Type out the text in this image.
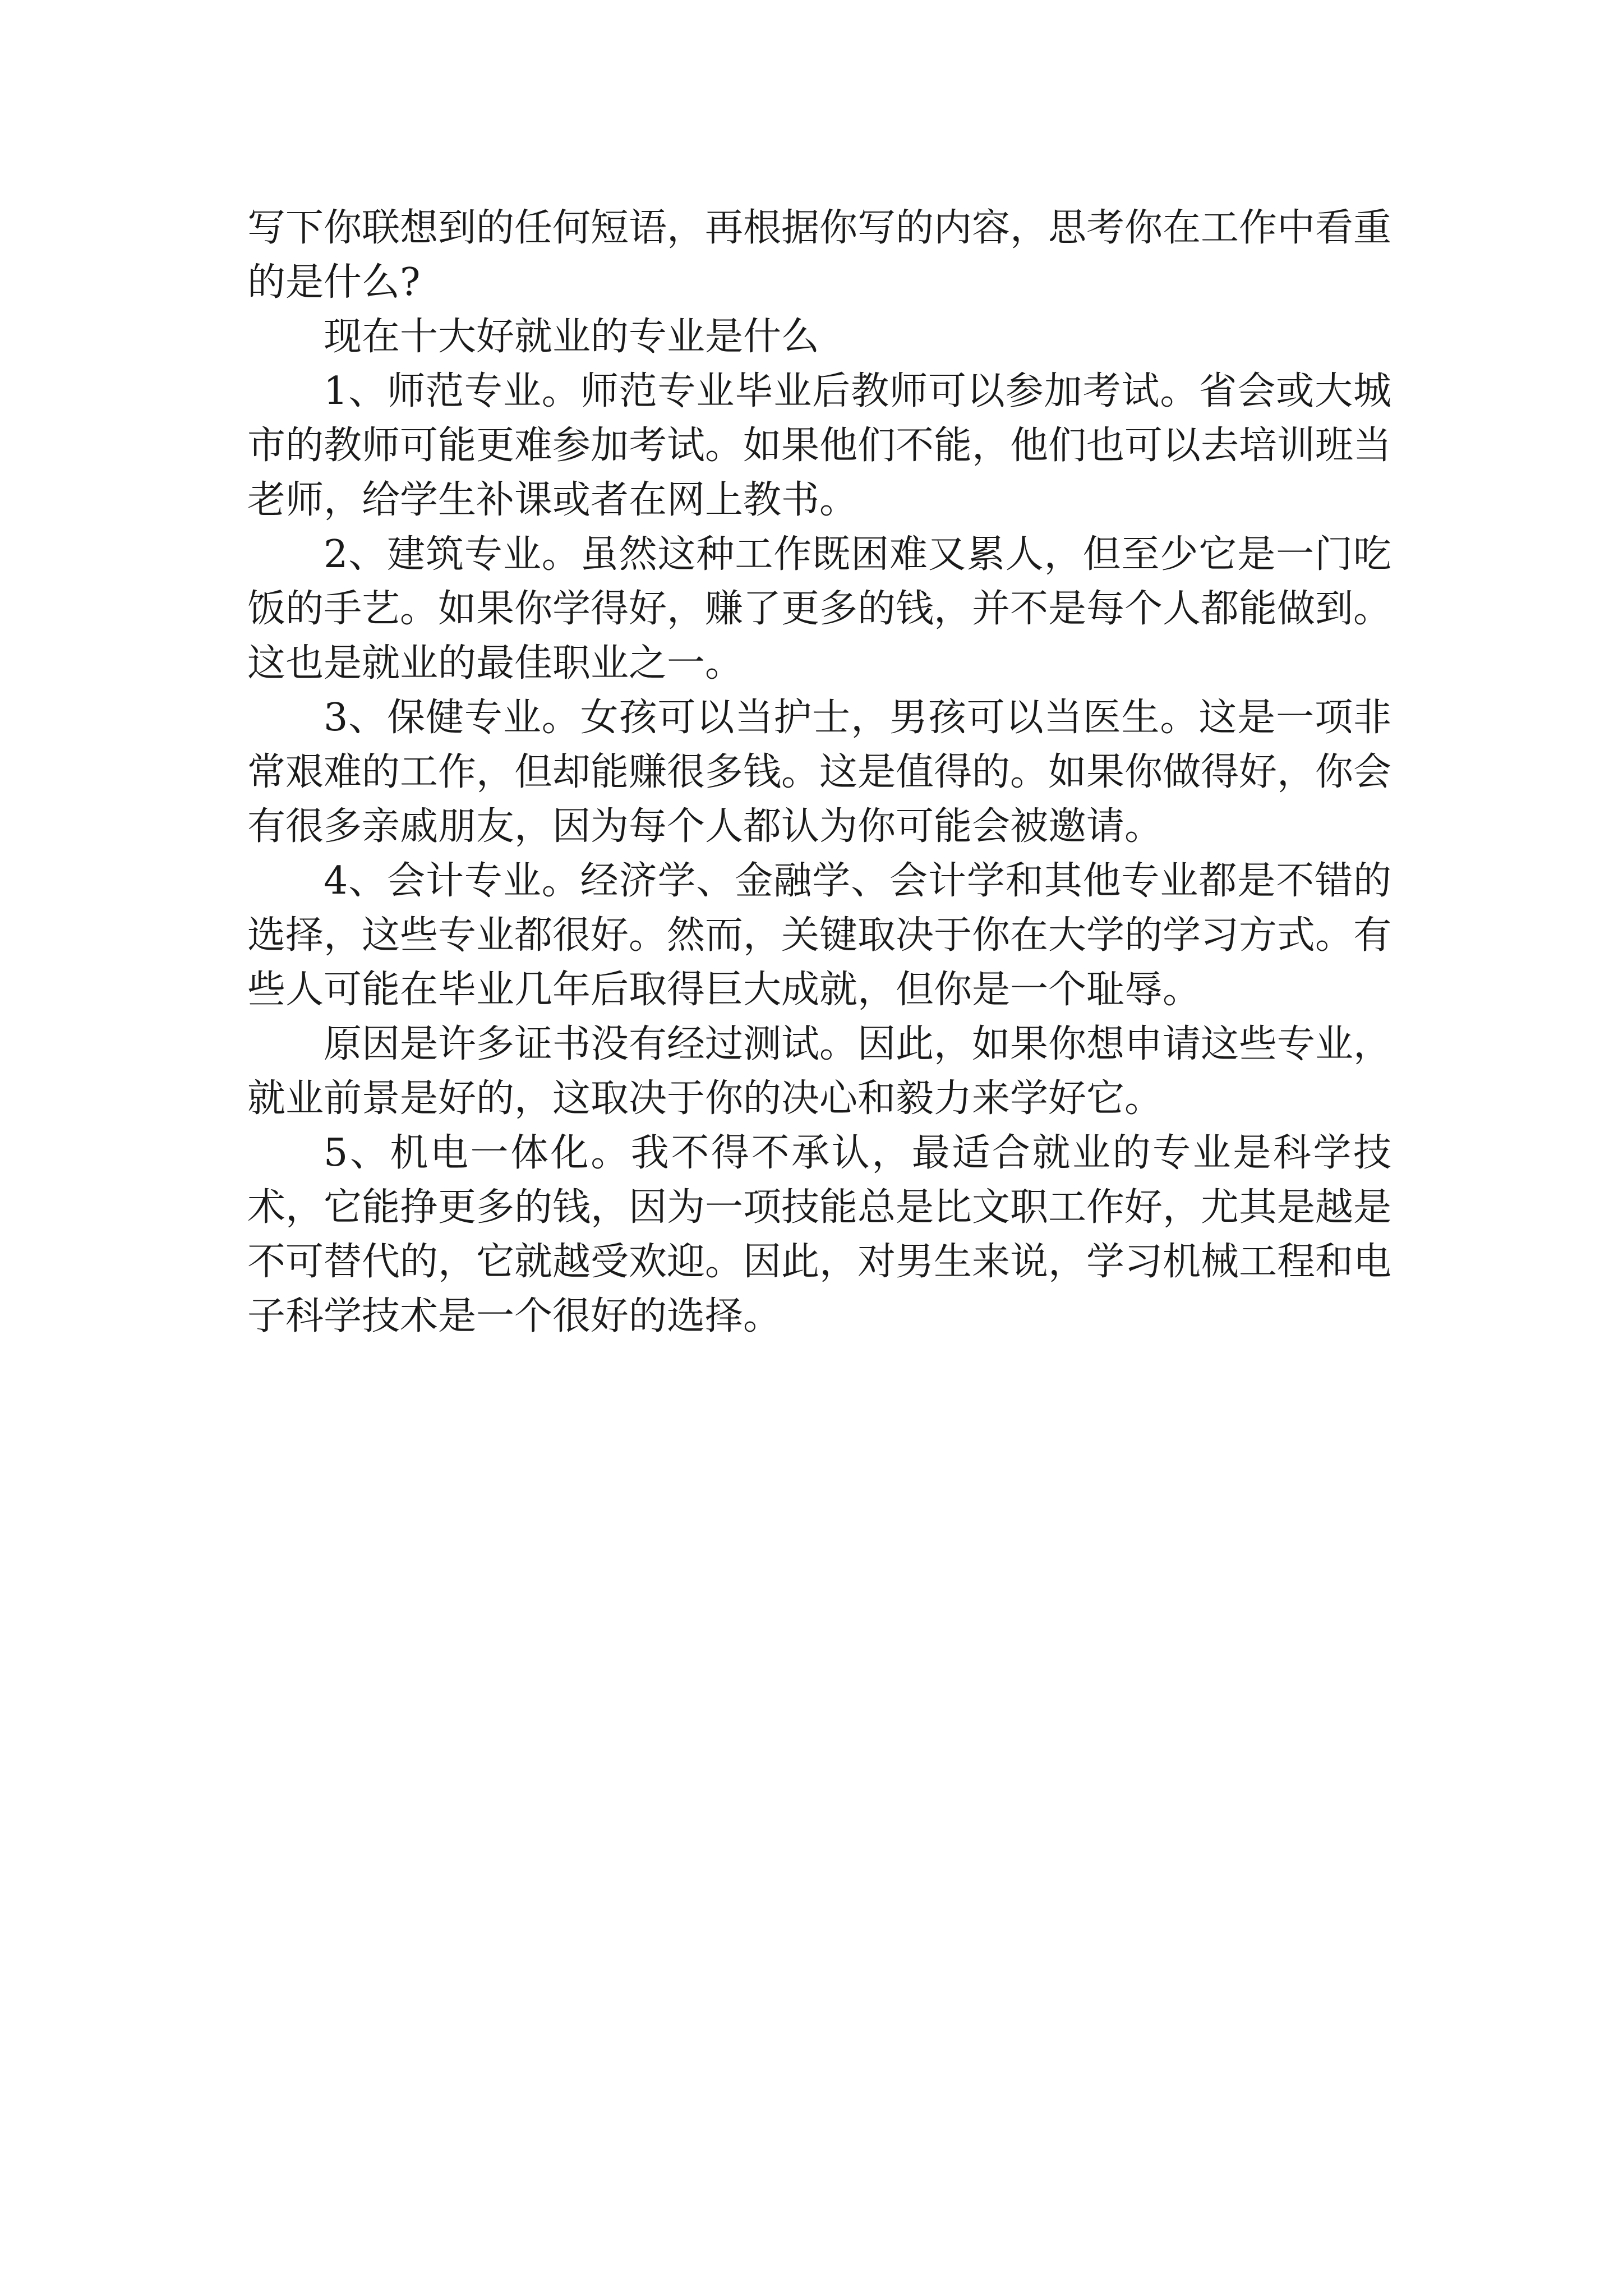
写下你联想到的任何短语，再根据你写的内容，思考你在工作中看重的是什么?

现在十大好就业的专业是什么

1、师范专业。师范专业毕业后教师可以参加考试。省会或大城市的教师可能更难参加考试。如果他们不能，他们也可以去培训班当老师，给学生补课或者在网上教书。

2、建筑专业。虽然这种工作既困难又累人，但至少它是一门吃饭的手艺。如果你学得好，赚了更多的钱，并不是每个人都能做到。这也是就业的最佳职业之一。

3、保健专业。女孩可以当护士，男孩可以当医生。这是一项非常艰难的工作，但却能赚很多钱。这是值得的。如果你做得好，你会有很多亲戚朋友，因为每个人都认为你可能会被邀请。

4、会计专业。经济学、金融学、会计学和其他专业都是不错的选择，这些专业都很好。然而，关键取决于你在大学的学习方式。有些人可能在毕业几年后取得巨大成就，但你是一个耻辱。

原因是许多证书没有经过测试。因此，如果你想申请这些专业，就业前景是好的，这取决于你的决心和毅力来学好它。

5、机电一体化。我不得不承认，最适合就业的专业是科学技术，它能挣更多的钱，因为一项技能总是比文职工作好，尤其是越是不可替代的，它就越受欢迎。因此，对男生来说，学习机械工程和电子科学技术是一个很好的选择。
